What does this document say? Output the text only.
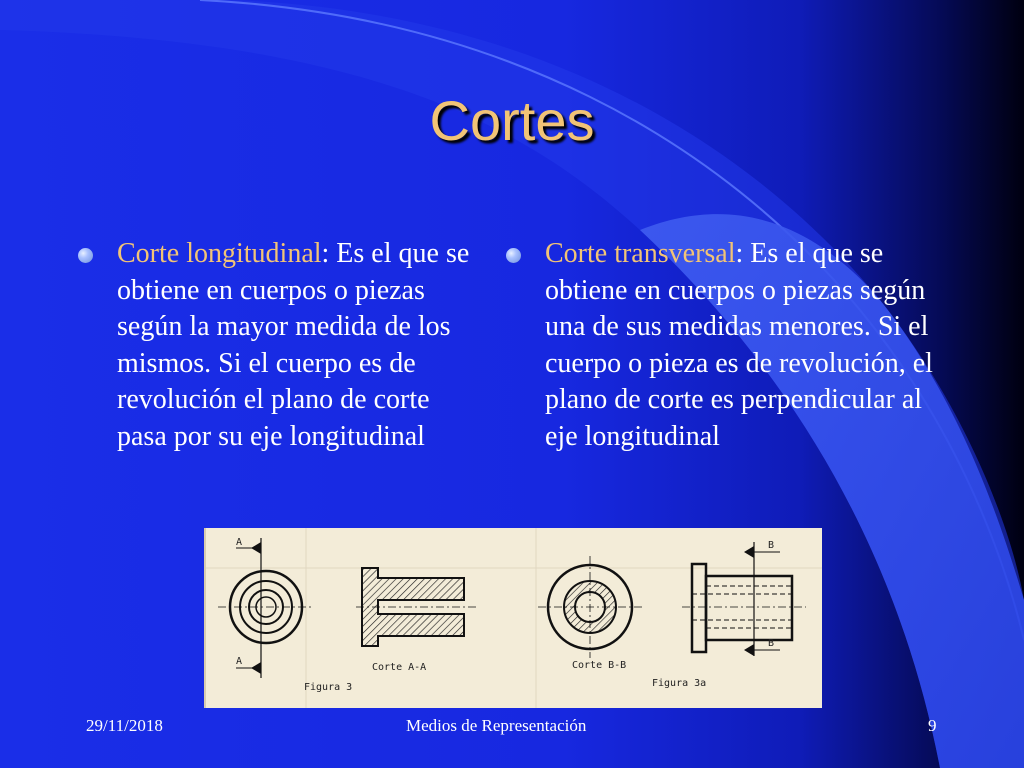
Cortes
Corte longitudinal: Es el que se obtiene en cuerpos o piezas según la mayor medida de los mismos. Si el cuerpo es de revolución el plano de corte pasa por su eje longitudinal
Corte transversal: Es el que se obtiene en cuerpos o piezas según una de sus medidas menores. Si el cuerpo o pieza es de revolución, el plano de corte es perpendicular al eje longitudinal
A
A
Corte A-A
Figura 3
Corte B-B
Figura 3a
B
B
29/11/2018	Medios de Representación	9
